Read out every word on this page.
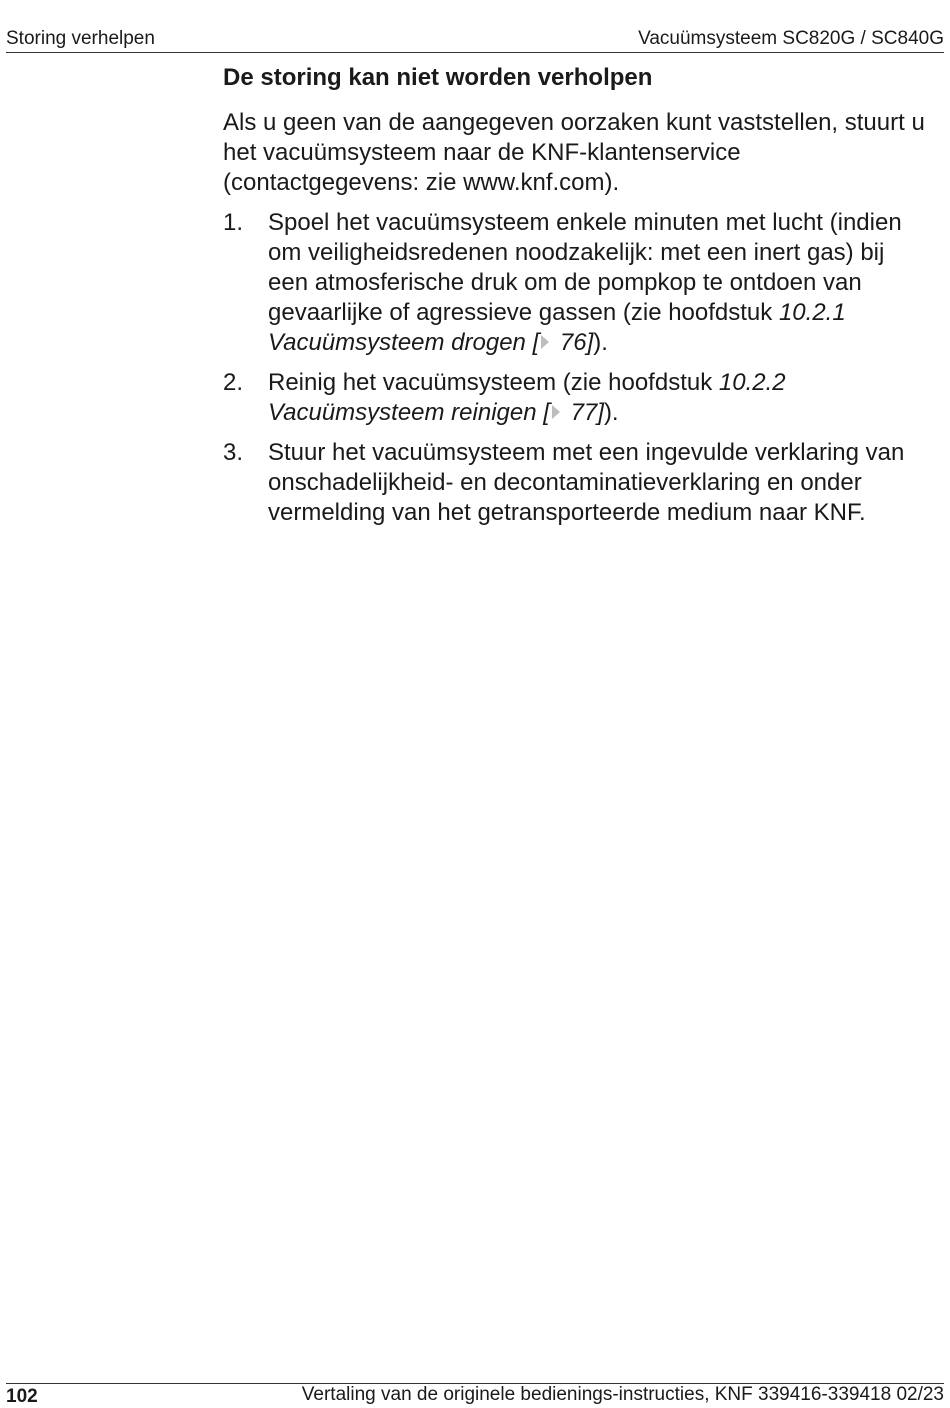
Storing verhelpen	Vacuümsysteem SC820G / SC840G
De storing kan niet worden verholpen

Als u geen van de aangegeven oorzaken kunt vaststellen, stuurt u het vacuümsysteem naar de KNF-klantenservice (contactgegevens: zie www.knf.com).

1. Spoel het vacuümsysteem enkele minuten met lucht (indien om veiligheidsredenen noodzakelijk: met een inert gas) bij een atmosferische druk om de pompkop te ontdoen van gevaarlijke of agressieve gassen (zie hoofdstuk 10.2.1 Vacuümsysteem drogen [ 76]).
2. Reinig het vacuümsysteem (zie hoofdstuk 10.2.2 Vacuümsysteem reinigen [ 77]).
3. Stuur het vacuümsysteem met een ingevulde verklaring van onschadelijkheid- en decontaminatieverklaring en onder vermelding van het getransporteerde medium naar KNF.
102	Vertaling van de originele bedienings-instructies, KNF 339416-339418 02/23
